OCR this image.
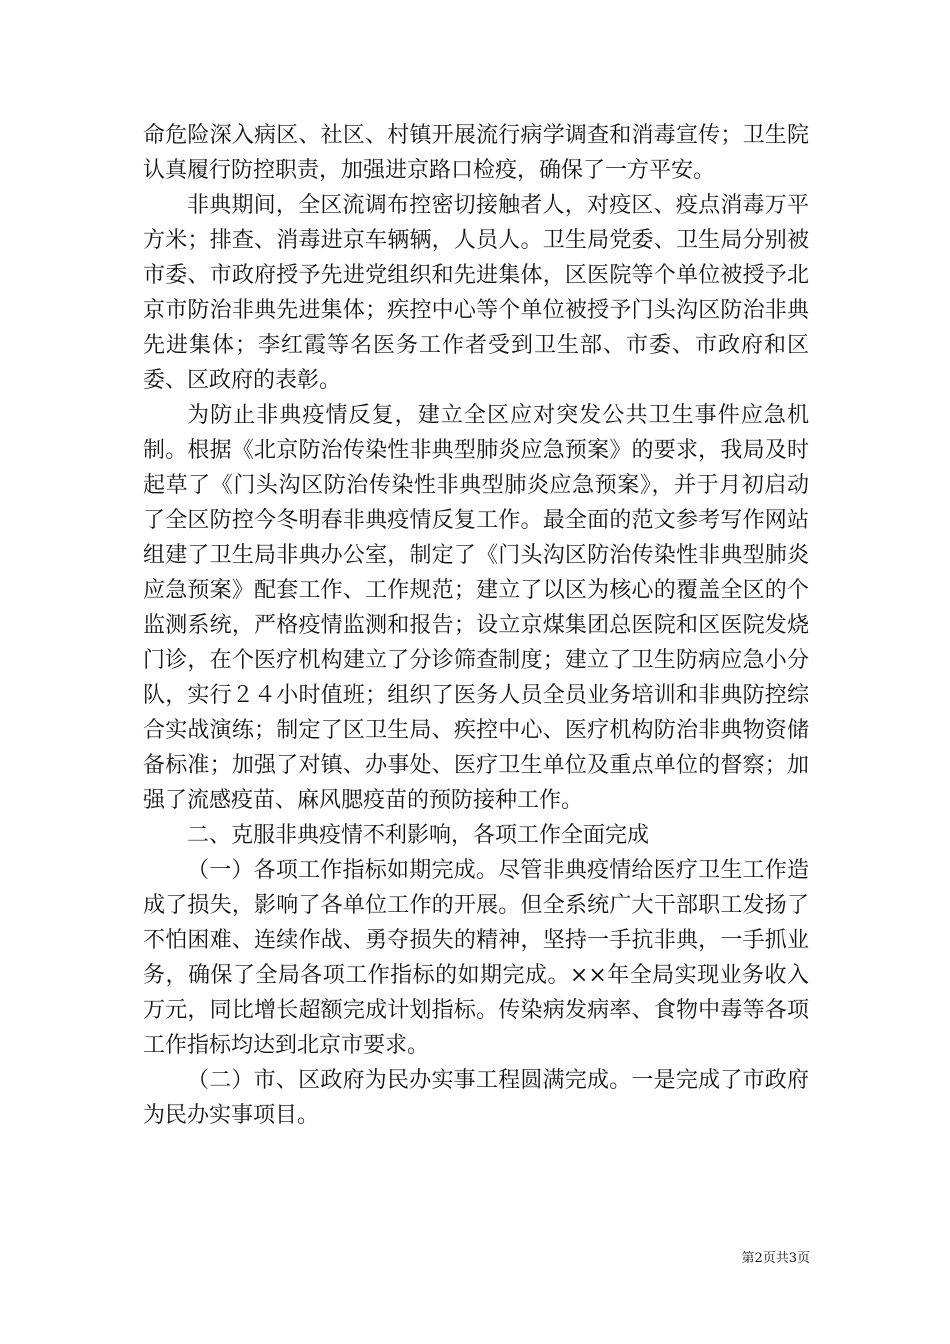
命危险深入病区、社区、村镇开展流行病学调查和消毒宣传；卫生院认真履行防控职责，加强进京路口检疫，确保了一方平安。

非典期间，全区流调布控密切接触者人，对疫区、疫点消毒万平方米；排查、消毒进京车辆辆，人员人。卫生局党委、卫生局分别被市委、市政府授予先进党组织和先进集体，区医院等个单位被授予北京市防治非典先进集体；疾控中心等个单位被授予门头沟区防治非典先进集体；李红霞等名医务工作者受到卫生部、市委、市政府和区委、区政府的表彰。

为防止非典疫情反复，建立全区应对突发公共卫生事件应急机制。根据《北京防治传染性非典型肺炎应急预案》的要求，我局及时起草了《门头沟区防治传染性非典型肺炎应急预案》，并于月初启动了全区防控今冬明春非典疫情反复工作。最全面的范文参考写作网站组建了卫生局非典办公室，制定了《门头沟区防治传染性非典型肺炎应急预案》配套工作、工作规范；建立了以区为核心的覆盖全区的个监测系统，严格疫情监测和报告；设立京煤集团总医院和区医院发烧门诊，在个医疗机构建立了分诊筛查制度；建立了卫生防病应急小分队，实行２４小时值班；组织了医务人员全员业务培训和非典防控综合实战演练；制定了区卫生局、疾控中心、医疗机构防治非典物资储备标准；加强了对镇、办事处、医疗卫生单位及重点单位的督察；加强了流感疫苗、麻风腮疫苗的预防接种工作。

二、克服非典疫情不利影响，各项工作全面完成

（一）各项工作指标如期完成。尽管非典疫情给医疗卫生工作造成了损失，影响了各单位工作的开展。但全系统广大干部职工发扬了不怕困难、连续作战、勇夺损失的精神，坚持一手抗非典，一手抓业务，确保了全局各项工作指标的如期完成。××年全局实现业务收入万元，同比增长超额完成计划指标。传染病发病率、食物中毒等各项工作指标均达到北京市要求。

（二）市、区政府为民办实事工程圆满完成。一是完成了市政府为民办实事项目。

第2页共3页
